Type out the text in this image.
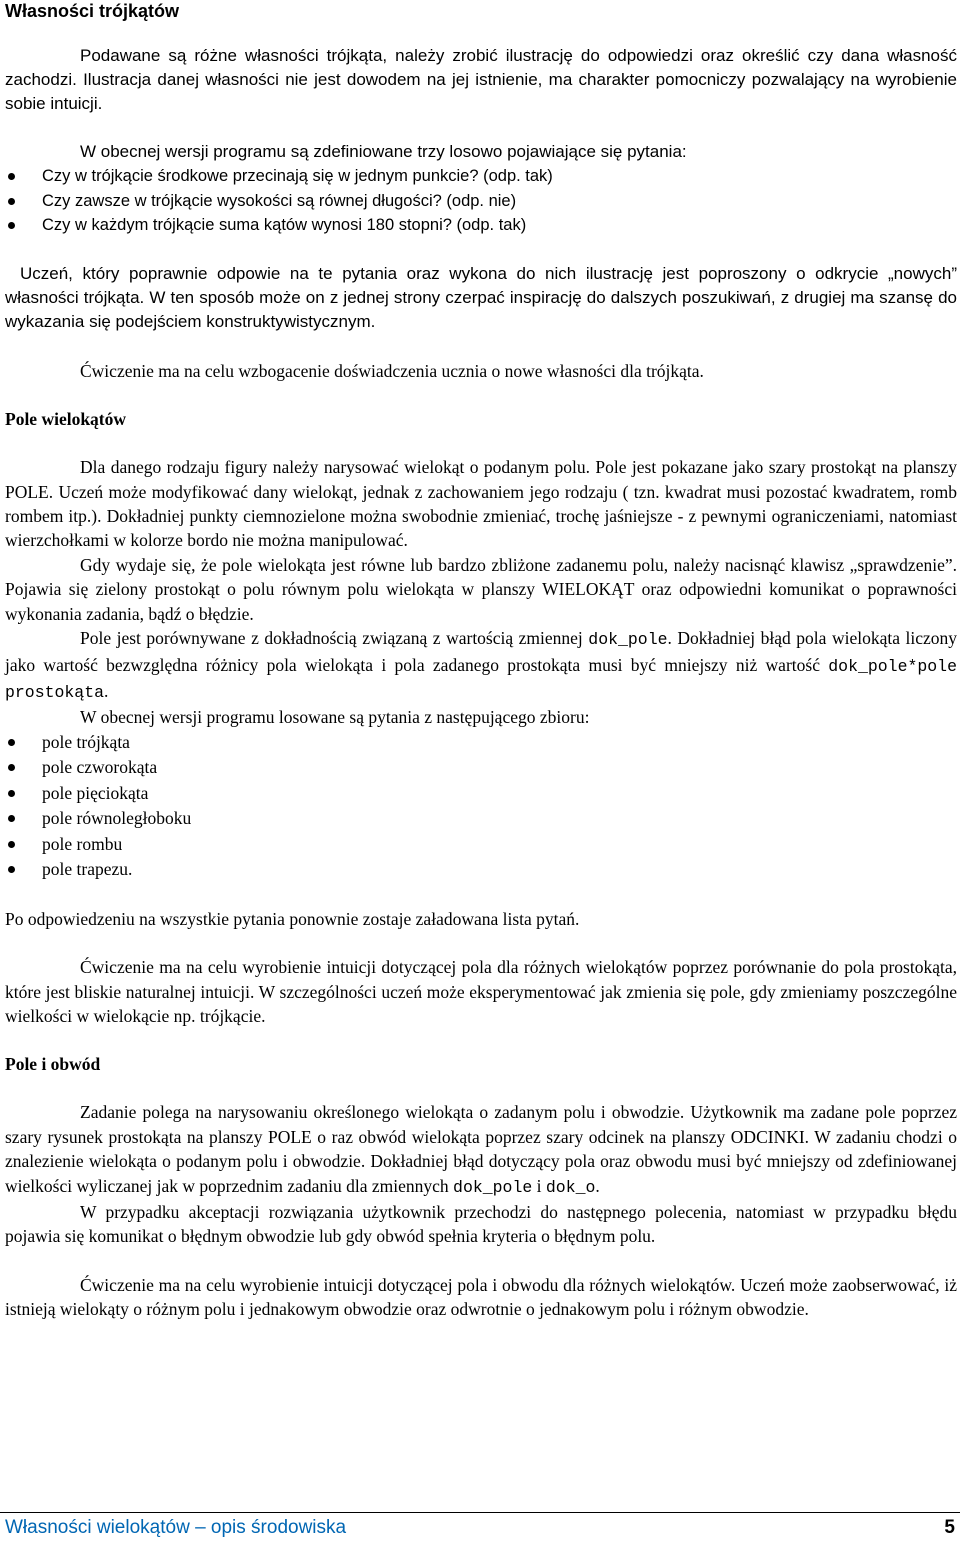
Własności trójkątów

Podawane są różne własności trójkąta, należy zrobić ilustrację do odpowiedzi oraz określić czy dana własność zachodzi. Ilustracja danej własności nie jest dowodem na jej istnienie, ma charakter pomocniczy pozwalający na wyrobienie sobie intuicji.

W obecnej wersji programu są zdefiniowane trzy losowo pojawiające się pytania:

Czy w trójkącie środkowe przecinają się w jednym punkcie? (odp. tak)
Czy zawsze w trójkącie wysokości są równej długości? (odp. nie)
Czy w każdym trójkącie suma kątów wynosi 180 stopni? (odp. tak)

Uczeń, który poprawnie odpowie na te pytania oraz wykona do nich ilustrację jest poproszony o odkrycie „nowych” własności trójkąta. W ten sposób może on z jednej strony czerpać inspirację do dalszych poszukiwań, z drugiej ma szansę do wykazania się podejściem konstruktywistycznym.

Ćwiczenie ma na celu wzbogacenie doświadczenia ucznia o nowe własności dla trójkąta.

Pole wielokątów

Dla danego rodzaju figury należy narysować wielokąt o podanym polu. Pole jest pokazane jako szary prostokąt na planszy POLE. Uczeń może modyfikować dany wielokąt, jednak z zachowaniem jego rodzaju ( tzn. kwadrat musi pozostać kwadratem, romb rombem itp.). Dokładniej punkty ciemnozielone można swobodnie zmieniać, trochę jaśniejsze - z pewnymi ograniczeniami, natomiast wierzchołkami w kolorze bordo nie można manipulować.

Gdy wydaje się, że pole wielokąta jest równe lub bardzo zbliżone zadanemu polu, należy nacisnąć klawisz „sprawdzenie”. Pojawia się zielony prostokąt o polu równym polu wielokąta w planszy WIELOKĄT oraz odpowiedni komunikat o poprawności wykonania zadania, bądź o błędzie.

Pole jest porównywane z dokładnością związaną z wartością zmiennej dok_pole. Dokładniej błąd pola wielokąta liczony jako wartość bezwzględna różnicy pola wielokąta i pola zadanego prostokąta musi być mniejszy niż wartość dok_pole*pole prostokąta.

W obecnej wersji programu losowane są pytania z następującego zbioru:

pole trójkąta
pole czworokąta
pole pięciokąta
pole równoległoboku
pole rombu
pole trapezu.

Po odpowiedzeniu na wszystkie pytania ponownie zostaje załadowana lista pytań.

Ćwiczenie ma na celu wyrobienie intuicji dotyczącej pola dla różnych wielokątów poprzez porównanie do pola prostokąta, które jest bliskie naturalnej intuicji. W szczególności uczeń może eksperymentować jak zmienia się pole, gdy zmieniamy poszczególne wielkości w wielokącie np. trójkącie.

Pole i obwód

Zadanie polega na narysowaniu określonego wielokąta o zadanym polu i obwodzie. Użytkownik ma zadane pole poprzez szary rysunek prostokąta na planszy POLE o raz obwód wielokąta poprzez szary odcinek na planszy ODCINKI. W zadaniu chodzi o znalezienie wielokąta o podanym polu i obwodzie. Dokładniej błąd dotyczący pola oraz obwodu musi być mniejszy od zdefiniowanej wielkości wyliczanej jak w poprzednim zadaniu dla zmiennych dok_pole i dok_o.

W przypadku akceptacji rozwiązania użytkownik przechodzi do następnego polecenia, natomiast w przypadku błędu pojawia się komunikat o błędnym obwodzie lub gdy obwód spełnia kryteria o błędnym polu.

Ćwiczenie ma na celu wyrobienie intuicji dotyczącej pola i obwodu dla różnych wielokątów. Uczeń może zaobserwować, iż istnieją wielokąty o różnym polu i jednakowym obwodzie oraz odwrotnie o jednakowym polu i różnym obwodzie.

Własności wielokątów – opis środowiska	5
